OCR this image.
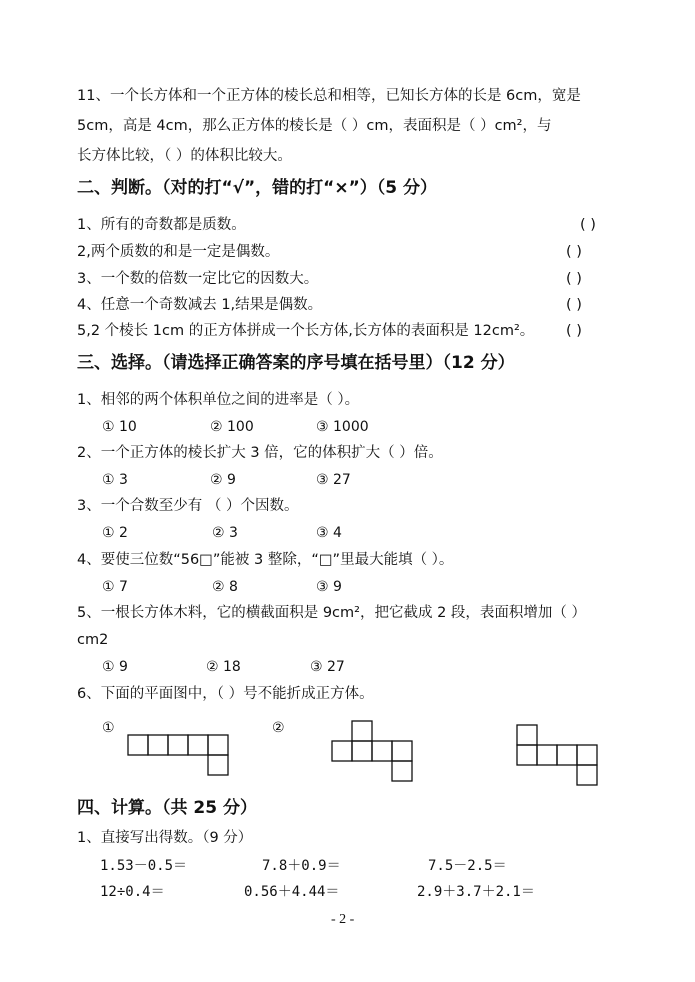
11、一个长方体和一个正方体的棱长总和相等，已知长方体的长是 6cm，宽是
5cm，高是 4cm，那么正方体的棱长是（ ）cm，表面积是（ ）cm²，与
长方体比较，（ ）的体积比较大。
二、判断。（对的打“√”，错的打“×”）（5 分）
1、所有的奇数都是质数。	( )
2,两个质数的和是一定是偶数。	( )
3、一个数的倍数一定比它的因数大。	( )
4、任意一个奇数减去 1,结果是偶数。	( )
5,2 个棱长 1cm 的正方体拼成一个长方体,长方体的表面积是 12cm²。 ( )
三、选择。（请选择正确答案的序号填在括号里）（12 分）
1、相邻的两个体积单位之间的进率是（ ）。
① 10	② 100	③ 1000
2、一个正方体的棱长扩大 3 倍，它的体积扩大（ ）倍。
① 3	② 9	③ 27
3、一个合数至少有 （ ）个因数。
① 2	② 3	③ 4
4、要使三位数“56□”能被 3 整除，“□”里最大能填（ ）。
① 7	② 8	③ 9
5、一根长方体木料，它的横截面积是 9cm²，把它截成 2 段，表面积增加（ ）
cm2
① 9	② 18	③ 27
6、下面的平面图中，（ ）号不能折成正方体。
①	②
四、计算。（共 25 分）
1、直接写出得数。（9 分）
1.53－0.5＝	7.8＋0.9＝	7.5－2.5＝
12÷0.4＝	0.56＋4.44＝	2.9＋3.7＋2.1＝
- 2 -
